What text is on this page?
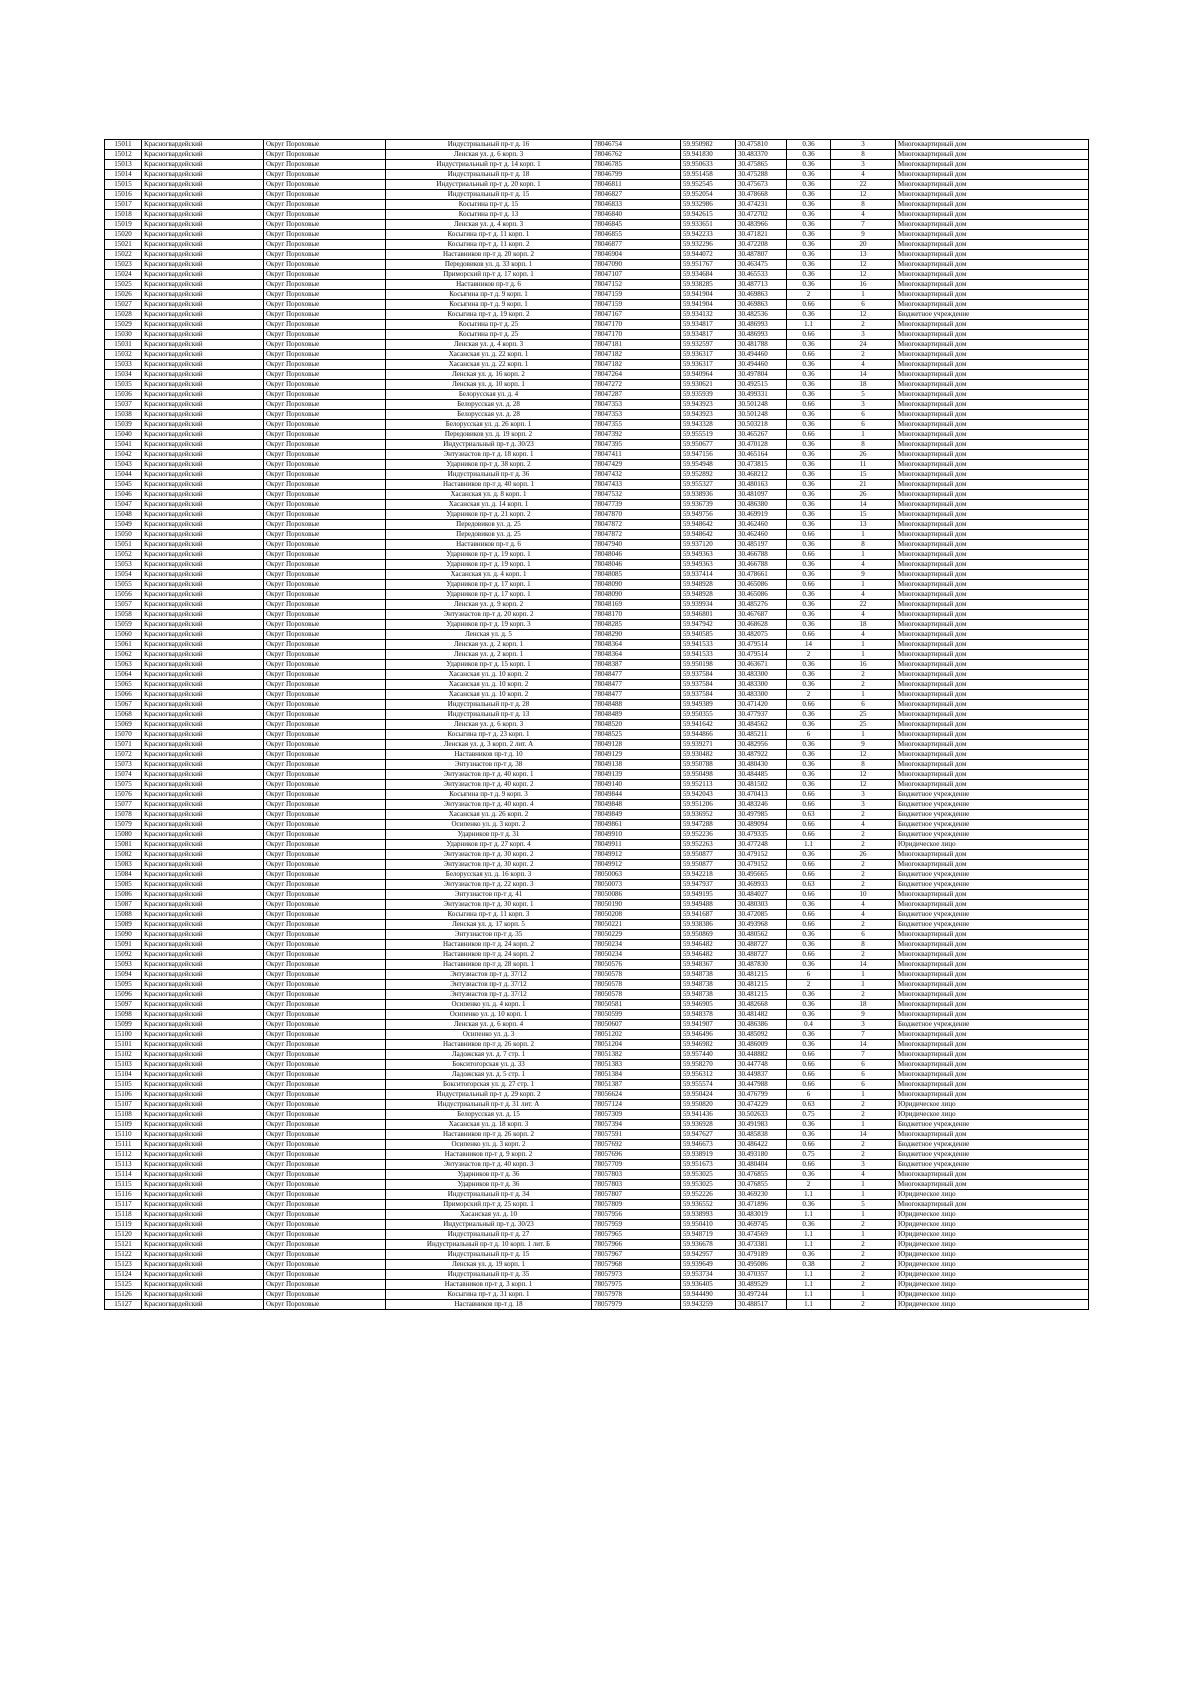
15011	Красногвардейский	Округ Пороховые	Индустриальный пр-т д. 16	78046754	59.950982	30.475810	0.36	3	Многоквартирный дом
15012	Красногвардейский	Округ Пороховые	Ленская ул. д. 6 корп. 3	78046762	59.941830	30.483370	0.36	8	Многоквартирный дом
15013	Красногвардейский	Округ Пороховые	Индустриальный пр-т д. 14 корп. 1	78046785	59.950633	30.475865	0.36	3	Многоквартирный дом
15014	Красногвардейский	Округ Пороховые	Индустриальный пр-т д. 18	78046799	59.951458	30.475288	0.36	4	Многоквартирный дом
15015	Красногвардейский	Округ Пороховые	Индустриальный пр-т д. 20 корп. 1	78046811	59.952545	30.475673	0.36	22	Многоквартирный дом
15016	Красногвардейский	Округ Пороховые	Индустриальный пр-т д. 15	78046827	59.952054	30.478668	0.36	12	Многоквартирный дом
15017	Красногвардейский	Округ Пороховые	Косыгина пр-т д. 15	78046833	59.932986	30.474231	0.36	8	Многоквартирный дом
15018	Красногвардейский	Округ Пороховые	Косыгина пр-т д. 13	78046840	59.942615	30.472702	0.36	4	Многоквартирный дом
15019	Красногвардейский	Округ Пороховые	Ленская ул. д. 4 корп. 3	78046845	59.933651	30.483966	0.36	7	Многоквартирный дом
15020	Красногвардейский	Округ Пороховые	Косыгина пр-т д. 11 корп. 1	78046855	59.942233	30.471821	0.36	9	Многоквартирный дом
15021	Красногвардейский	Округ Пороховые	Косыгина пр-т д. 11 корп. 2	78046877	59.932296	30.472208	0.36	20	Многоквартирный дом
15022	Красногвардейский	Округ Пороховые	Наставников пр-т д. 20 корп. 2	78046904	59.944072	30.487807	0.36	13	Многоквартирный дом
15023	Красногвардейский	Округ Пороховые	Передовиков ул. д. 33 корп. 1	78047090	59.951767	30.463475	0.36	12	Многоквартирный дом
15024	Красногвардейский	Округ Пороховые	Приморский пр-т д. 17 корп. 1	78047107	59.934684	30.465533	0.36	12	Многоквартирный дом
15025	Красногвардейский	Округ Пороховые	Наставников пр-т д. 6	78047152	59.938285	30.487713	0.36	16	Многоквартирный дом
15026	Красногвардейский	Округ Пороховые	Косыгина пр-т д. 9 корп. 1	78047159	59.941904	30.469863	2	1	Многоквартирный дом
15027	Красногвардейский	Округ Пороховые	Косыгина пр-т д. 9 корп. 1	78047159	59.941904	30.469863	0.66	6	Многоквартирный дом
15028	Красногвардейский	Округ Пороховые	Косыгина пр-т д. 19 корп. 2	78047167	59.934132	30.482536	0.36	12	Бюджетное учреждение
15029	Красногвардейский	Округ Пороховые	Косыгина пр-т д. 25	78047170	59.934817	30.486993	1.1	2	Многоквартирный дом
15030	Красногвардейский	Округ Пороховые	Косыгина пр-т д. 25	78047170	59.934817	30.486993	0.66	3	Многоквартирный дом
15031	Красногвардейский	Округ Пороховые	Ленская ул. д. 4 корп. 3	78047181	59.932597	30.481788	0.36	24	Многоквартирный дом
15032	Красногвардейский	Округ Пороховые	Хасанская ул. д. 22 корп. 1	78047182	59.936317	30.494460	0.66	2	Многоквартирный дом
15033	Красногвардейский	Округ Пороховые	Хасанская ул. д. 22 корп. 1	78047182	59.936317	30.494460	0.36	4	Многоквартирный дом
15034	Красногвардейский	Округ Пороховые	Ленская ул. д. 16 корп. 2	78047264	59.940964	30.497804	0.36	14	Многоквартирный дом
15035	Красногвардейский	Округ Пороховые	Ленская ул. д. 10 корп. 1	78047272	59.930621	30.492515	0.36	18	Многоквартирный дом
15036	Красногвардейский	Округ Пороховые	Белорусская ул. д. 4	78047287	59.935939	30.499331	0.36	5	Многоквартирный дом
15037	Красногвардейский	Округ Пороховые	Белорусская ул. д. 28	78047353	59.943923	30.501248	0.66	3	Многоквартирный дом
15038	Красногвардейский	Округ Пороховые	Белорусская ул. д. 28	78047353	59.943923	30.501248	0.36	6	Многоквартирный дом
15039	Красногвардейский	Округ Пороховые	Белорусская ул. д. 26 корп. 1	78047355	59.943328	30.503218	0.36	6	Многоквартирный дом
15040	Красногвардейский	Округ Пороховые	Передовиков ул. д. 19 корп. 2	78047392	59.955519	30.465267	0.66	1	Многоквартирный дом
15041	Красногвардейский	Округ Пороховые	Индустриальный пр-т д. 30/23	78047395	59.950677	30.470128	0.36	8	Многоквартирный дом
15042	Красногвардейский	Округ Пороховые	Энтузиастов пр-т д. 18 корп. 1	78047411	59.947156	30.465164	0.36	26	Многоквартирный дом
15043	Красногвардейский	Округ Пороховые	Ударников пр-т д. 38 корп. 2	78047429	59.954948	30.473815	0.36	11	Многоквартирный дом
15044	Красногвардейский	Округ Пороховые	Индустриальный пр-т д. 36	78047432	59.952892	30.468212	0.36	15	Многоквартирный дом
15045	Красногвардейский	Округ Пороховые	Наставников пр-т д. 40 корп. 1	78047433	59.955327	30.480163	0.36	21	Многоквартирный дом
15046	Красногвардейский	Округ Пороховые	Хасанская ул. д. 8 корп. 1	78047532	59.938936	30.481097	0.36	26	Многоквартирный дом
15047	Красногвардейский	Округ Пороховые	Хасанская ул. д. 14 корп. 1	78047739	59.936739	30.486380	0.36	14	Многоквартирный дом
15048	Красногвардейский	Округ Пороховые	Ударников пр-т д. 21 корп. 2	78047870	59.949756	30.469919	0.36	15	Многоквартирный дом
15049	Красногвардейский	Округ Пороховые	Передовиков ул. д. 25	78047872	59.948642	30.462460	0.36	13	Многоквартирный дом
15050	Красногвардейский	Округ Пороховые	Передовиков ул. д. 25	78047872	59.948642	30.462460	0.66	1	Многоквартирный дом
15051	Красногвардейский	Округ Пороховые	Наставников пр-т д. 6	78047940	59.937120	30.485197	0.36	8	Многоквартирный дом
15052	Красногвардейский	Округ Пороховые	Ударников пр-т д. 19 корп. 1	78048046	59.949363	30.466788	0.66	1	Многоквартирный дом
15053	Красногвардейский	Округ Пороховые	Ударников пр-т д. 19 корп. 1	78048046	59.949363	30.466788	0.36	4	Многоквартирный дом
15054	Красногвардейский	Округ Пороховые	Хасанская ул. д. 4 корп. 1	78048085	59.937414	30.478661	0.36	9	Многоквартирный дом
15055	Красногвардейский	Округ Пороховые	Ударников пр-т д. 17 корп. 1	78048090	59.948928	30.465086	0.66	1	Многоквартирный дом
15056	Красногвардейский	Округ Пороховые	Ударников пр-т д. 17 корп. 1	78048090	59.948928	30.465086	0.36	4	Многоквартирный дом
15057	Красногвардейский	Округ Пороховые	Ленская ул. д. 9 корп. 2	78048169	59.939934	30.485276	0.36	22	Многоквартирный дом
15058	Красногвардейский	Округ Пороховые	Энтузиастов пр-т д. 20 корп. 2	78048170	59.946801	30.467687	0.36	4	Многоквартирный дом
15059	Красногвардейский	Округ Пороховые	Ударников пр-т д. 19 корп. 3	78048285	59.947942	30.468628	0.36	18	Многоквартирный дом
15060	Красногвардейский	Округ Пороховые	Ленская ул. д. 5	78048290	59.940585	30.482075	0.66	4	Многоквартирный дом
15061	Красногвардейский	Округ Пороховые	Ленская ул. д. 2 корп. 1	78048364	59.941533	30.479514	14	1	Многоквартирный дом
15062	Красногвардейский	Округ Пороховые	Ленская ул. д. 2 корп. 1	78048364	59.941533	30.479514	2	1	Многоквартирный дом
15063	Красногвардейский	Округ Пороховые	Ударников пр-т д. 15 корп. 1	78048387	59.950198	30.463671	0.36	16	Многоквартирный дом
15064	Красногвардейский	Округ Пороховые	Хасанская ул. д. 10 корп. 2	78048477	59.937584	30.483300	0.36	2	Многоквартирный дом
15065	Красногвардейский	Округ Пороховые	Хасанская ул. д. 10 корп. 2	78048477	59.937584	30.483300	0.36	2	Многоквартирный дом
15066	Красногвардейский	Округ Пороховые	Хасанская ул. д. 10 корп. 2	78048477	59.937584	30.483300	2	1	Многоквартирный дом
15067	Красногвардейский	Округ Пороховые	Индустриальный пр-т д. 28	78048488	59.949389	30.471420	0.66	6	Многоквартирный дом
15068	Красногвардейский	Округ Пороховые	Индустриальный пр-т д. 13	78048489	59.950355	30.477937	0.36	25	Многоквартирный дом
15069	Красногвардейский	Округ Пороховые	Ленская ул. д. 6 корп. 3	78048520	59.941642	30.484562	0.36	25	Многоквартирный дом
15070	Красногвардейский	Округ Пороховые	Косыгина пр-т д. 23 корп. 1	78048525	59.944866	30.485211	6	1	Многоквартирный дом
15071	Красногвардейский	Округ Пороховые	Ленская ул. д. 3 корп. 2 лит. А	78049128	59.939271	30.482956	0.36	9	Многоквартирный дом
15072	Красногвардейский	Округ Пороховые	Наставников пр-т д. 10	78049129	59.930482	30.487922	0.36	12	Многоквартирный дом
15073	Красногвардейский	Округ Пороховые	Энтузиастов пр-т д. 38	78049138	59.950788	30.480430	0.36	8	Многоквартирный дом
15074	Красногвардейский	Округ Пороховые	Энтузиастов пр-т д. 40 корп. 1	78049139	59.950498	30.484485	0.36	12	Многоквартирный дом
15075	Красногвардейский	Округ Пороховые	Энтузиастов пр-т д. 40 корп. 2	78049140	59.952113	30.481502	0.36	12	Многоквартирный дом
15076	Красногвардейский	Округ Пороховые	Косыгина пр-т д. 9 корп. 3	78049844	59.942043	30.470413	0.66	3	Бюджетное учреждение
15077	Красногвардейский	Округ Пороховые	Энтузиастов пр-т д. 40 корп. 4	78049848	59.951206	30.483246	0.66	3	Бюджетное учреждение
15078	Красногвардейский	Округ Пороховые	Хасанская ул. д. 26 корп. 2	78049849	59.936952	30.497985	0.63	2	Бюджетное учреждение
15079	Красногвардейский	Округ Пороховые	Осипенко ул. д. 3 корп. 2	78049861	59.947288	30.489094	0.66	4	Бюджетное учреждение
15080	Красногвардейский	Округ Пороховые	Ударников пр-т д. 31	78049910	59.952236	30.479335	0.66	2	Бюджетное учреждение
15081	Красногвардейский	Округ Пороховые	Ударников пр-т д. 27 корп. 4	78049911	59.952263	30.477248	1.1	2	Юридическое лицо
15082	Красногвардейский	Округ Пороховые	Энтузиастов пр-т д. 30 корп. 2	78049912	59.950877	30.479152	0.36	26	Многоквартирный дом
15083	Красногвардейский	Округ Пороховые	Энтузиастов пр-т д. 30 корп. 2	78049912	59.950877	30.479152	0.66	2	Многоквартирный дом
15084	Красногвардейский	Округ Пороховые	Белорусская ул. д. 16 корп. 3	78050063	59.942218	30.495665	0.66	2	Бюджетное учреждение
15085	Красногвардейский	Округ Пороховые	Энтузиастов пр-т д. 22 корп. 3	78050073	59.947937	30.469933	0.63	2	Бюджетное учреждение
15086	Красногвардейский	Округ Пороховые	Энтузиастов пр-т д. 41	78050086	59.949195	30.484027	0.66	10	Многоквартирный дом
15087	Красногвардейский	Округ Пороховые	Энтузиастов пр-т д. 30 корп. 1	78050190	59.949488	30.480303	0.36	4	Многоквартирный дом
15088	Красногвардейский	Округ Пороховые	Косыгина пр-т д. 11 корп. 3	78050208	59.941687	30.472085	0.66	4	Бюджетное учреждение
15089	Красногвардейский	Округ Пороховые	Ленская ул. д. 17 корп. 5	78050221	59.938386	30.493968	0.66	2	Бюджетное учреждение
15090	Красногвардейский	Округ Пороховые	Энтузиастов пр-т д. 35	78050229	59.950869	30.480562	0.36	6	Многоквартирный дом
15091	Красногвардейский	Округ Пороховые	Наставников пр-т д. 24 корп. 2	78050234	59.946482	30.488727	0.36	8	Многоквартирный дом
15092	Красногвардейский	Округ Пороховые	Наставников пр-т д. 24 корп. 2	78050234	59.946482	30.488727	0.66	2	Многоквартирный дом
15093	Красногвардейский	Округ Пороховые	Наставников пр-т д. 28 корп. 1	78050576	59.948367	30.487830	0.36	14	Многоквартирный дом
15094	Красногвардейский	Округ Пороховые	Энтузиастов пр-т д. 37/12	78050578	59.948738	30.481215	6	1	Многоквартирный дом
15095	Красногвардейский	Округ Пороховые	Энтузиастов пр-т д. 37/12	78050578	59.948738	30.481215	2	1	Многоквартирный дом
15096	Красногвардейский	Округ Пороховые	Энтузиастов пр-т д. 37/12	78050578	59.948738	30.481215	0.36	2	Многоквартирный дом
15097	Красногвардейский	Округ Пороховые	Осипенко ул. д. 4 корп. 1	78050581	59.946905	30.482668	0.36	18	Многоквартирный дом
15098	Красногвардейский	Округ Пороховые	Осипенко ул. д. 10 корп. 1	78050599	59.948378	30.481482	0.36	9	Многоквартирный дом
15099	Красногвардейский	Округ Пороховые	Ленская ул. д. 6 корп. 4	78050607	59.941907	30.486386	0.4	3	Бюджетное учреждение
15100	Красногвардейский	Округ Пороховые	Осипенко ул. д. 3	78051202	59.946496	30.485092	0.36	7	Многоквартирный дом
15101	Красногвардейский	Округ Пороховые	Наставников пр-т д. 26 корп. 2	78051204	59.946982	30.486009	0.36	14	Многоквартирный дом
15102	Красногвардейский	Округ Пороховые	Ладожская ул. д. 7 стр. 1	78051382	59.957440	30.448882	0.66	7	Многоквартирный дом
15103	Красногвардейский	Округ Пороховые	Бокситогорская ул. д. 33	78051383	59.958270	30.447748	0.66	6	Многоквартирный дом
15104	Красногвардейский	Округ Пороховые	Ладожская ул. д. 5 стр. 1	78051384	59.956312	30.449837	0.66	6	Многоквартирный дом
15105	Красногвардейский	Округ Пороховые	Бокситогорская ул. д. 27 стр. 1	78051387	59.955574	30.447988	0.66	6	Многоквартирный дом
15106	Красногвардейский	Округ Пороховые	Индустриальный пр-т д. 29 корп. 2	78056624	59.950424	30.476799	6	1	Многоквартирный дом
15107	Красногвардейский	Округ Пороховые	Индустриальный пр-т д. 31 лит. А	78057124	59.950820	30.474229	0.63	2	Юридическое лицо
15108	Красногвардейский	Округ Пороховые	Белорусская ул. д. 15	78057309	59.941436	30.502633	0.75	2	Юридическое лицо
15109	Красногвардейский	Округ Пороховые	Хасанская ул. д. 18 корп. 3	78057394	59.936928	30.491983	0.36	1	Бюджетное учреждение
15110	Красногвардейский	Округ Пороховые	Наставников пр-т д. 26 корп. 2	78057591	59.947627	30.485838	0.36	14	Многоквартирный дом
15111	Красногвардейский	Округ Пороховые	Осипенко ул. д. 3 корп. 2	78057692	59.946673	30.486422	0.66	2	Бюджетное учреждение
15112	Красногвардейский	Округ Пороховые	Наставников пр-т д. 9 корп. 2	78057696	59.938919	30.493180	0.75	2	Бюджетное учреждение
15113	Красногвардейский	Округ Пороховые	Энтузиастов пр-т д. 40 корп. 3	78057709	59.951673	30.480404	0.66	3	Бюджетное учреждение
15114	Красногвардейский	Округ Пороховые	Ударников пр-т д. 36	78057803	59.953025	30.476855	0.36	4	Многоквартирный дом
15115	Красногвардейский	Округ Пороховые	Ударников пр-т д. 36	78057803	59.953025	30.476855	2	1	Многоквартирный дом
15116	Красногвардейский	Округ Пороховые	Индустриальный пр-т д. 34	78057807	59.952226	30.469230	1.1	1	Юридическое лицо
15117	Красногвардейский	Округ Пороховые	Приморский пр-т д. 25 корп. 1	78057809	59.936552	30.471896	0.36	5	Многоквартирный дом
15118	Красногвардейский	Округ Пороховые	Хасанская ул. д. 10	78057956	59.938993	30.483019	1.1	1	Юридическое лицо
15119	Красногвардейский	Округ Пороховые	Индустриальный пр-т д. 30/23	78057959	59.950410	30.469745	0.36	2	Юридическое лицо
15120	Красногвардейский	Округ Пороховые	Индустриальный пр-т д. 27	78057965	59.948719	30.474569	1.1	1	Юридическое лицо
15121	Красногвардейский	Округ Пороховые	Индустриальный пр-т д. 10 корп. 1 лит. Б	78057966	59.936678	30.473381	1.1	2	Юридическое лицо
15122	Красногвардейский	Округ Пороховые	Индустриальный пр-т д. 15	78057967	59.942957	30.479189	0.36	2	Юридическое лицо
15123	Красногвардейский	Округ Пороховые	Ленская ул. д. 19 корп. 1	78057968	59.939649	30.495086	0.38	2	Юридическое лицо
15124	Красногвардейский	Округ Пороховые	Индустриальный пр-т д. 35	78057973	59.953734	30.470357	1.1	2	Юридическое лицо
15125	Красногвардейский	Округ Пороховые	Наставников пр-т д. 3 корп. 1	78057975	59.936405	30.489529	1.1	2	Юридическое лицо
15126	Красногвардейский	Округ Пороховые	Косыгина пр-т д. 31 корп. 1	78057978	59.944490	30.497244	1.1	1	Юридическое лицо
15127	Красногвардейский	Округ Пороховые	Наставников пр-т д. 18	78057979	59.943259	30.488517	1.1	2	Юридическое лицо
